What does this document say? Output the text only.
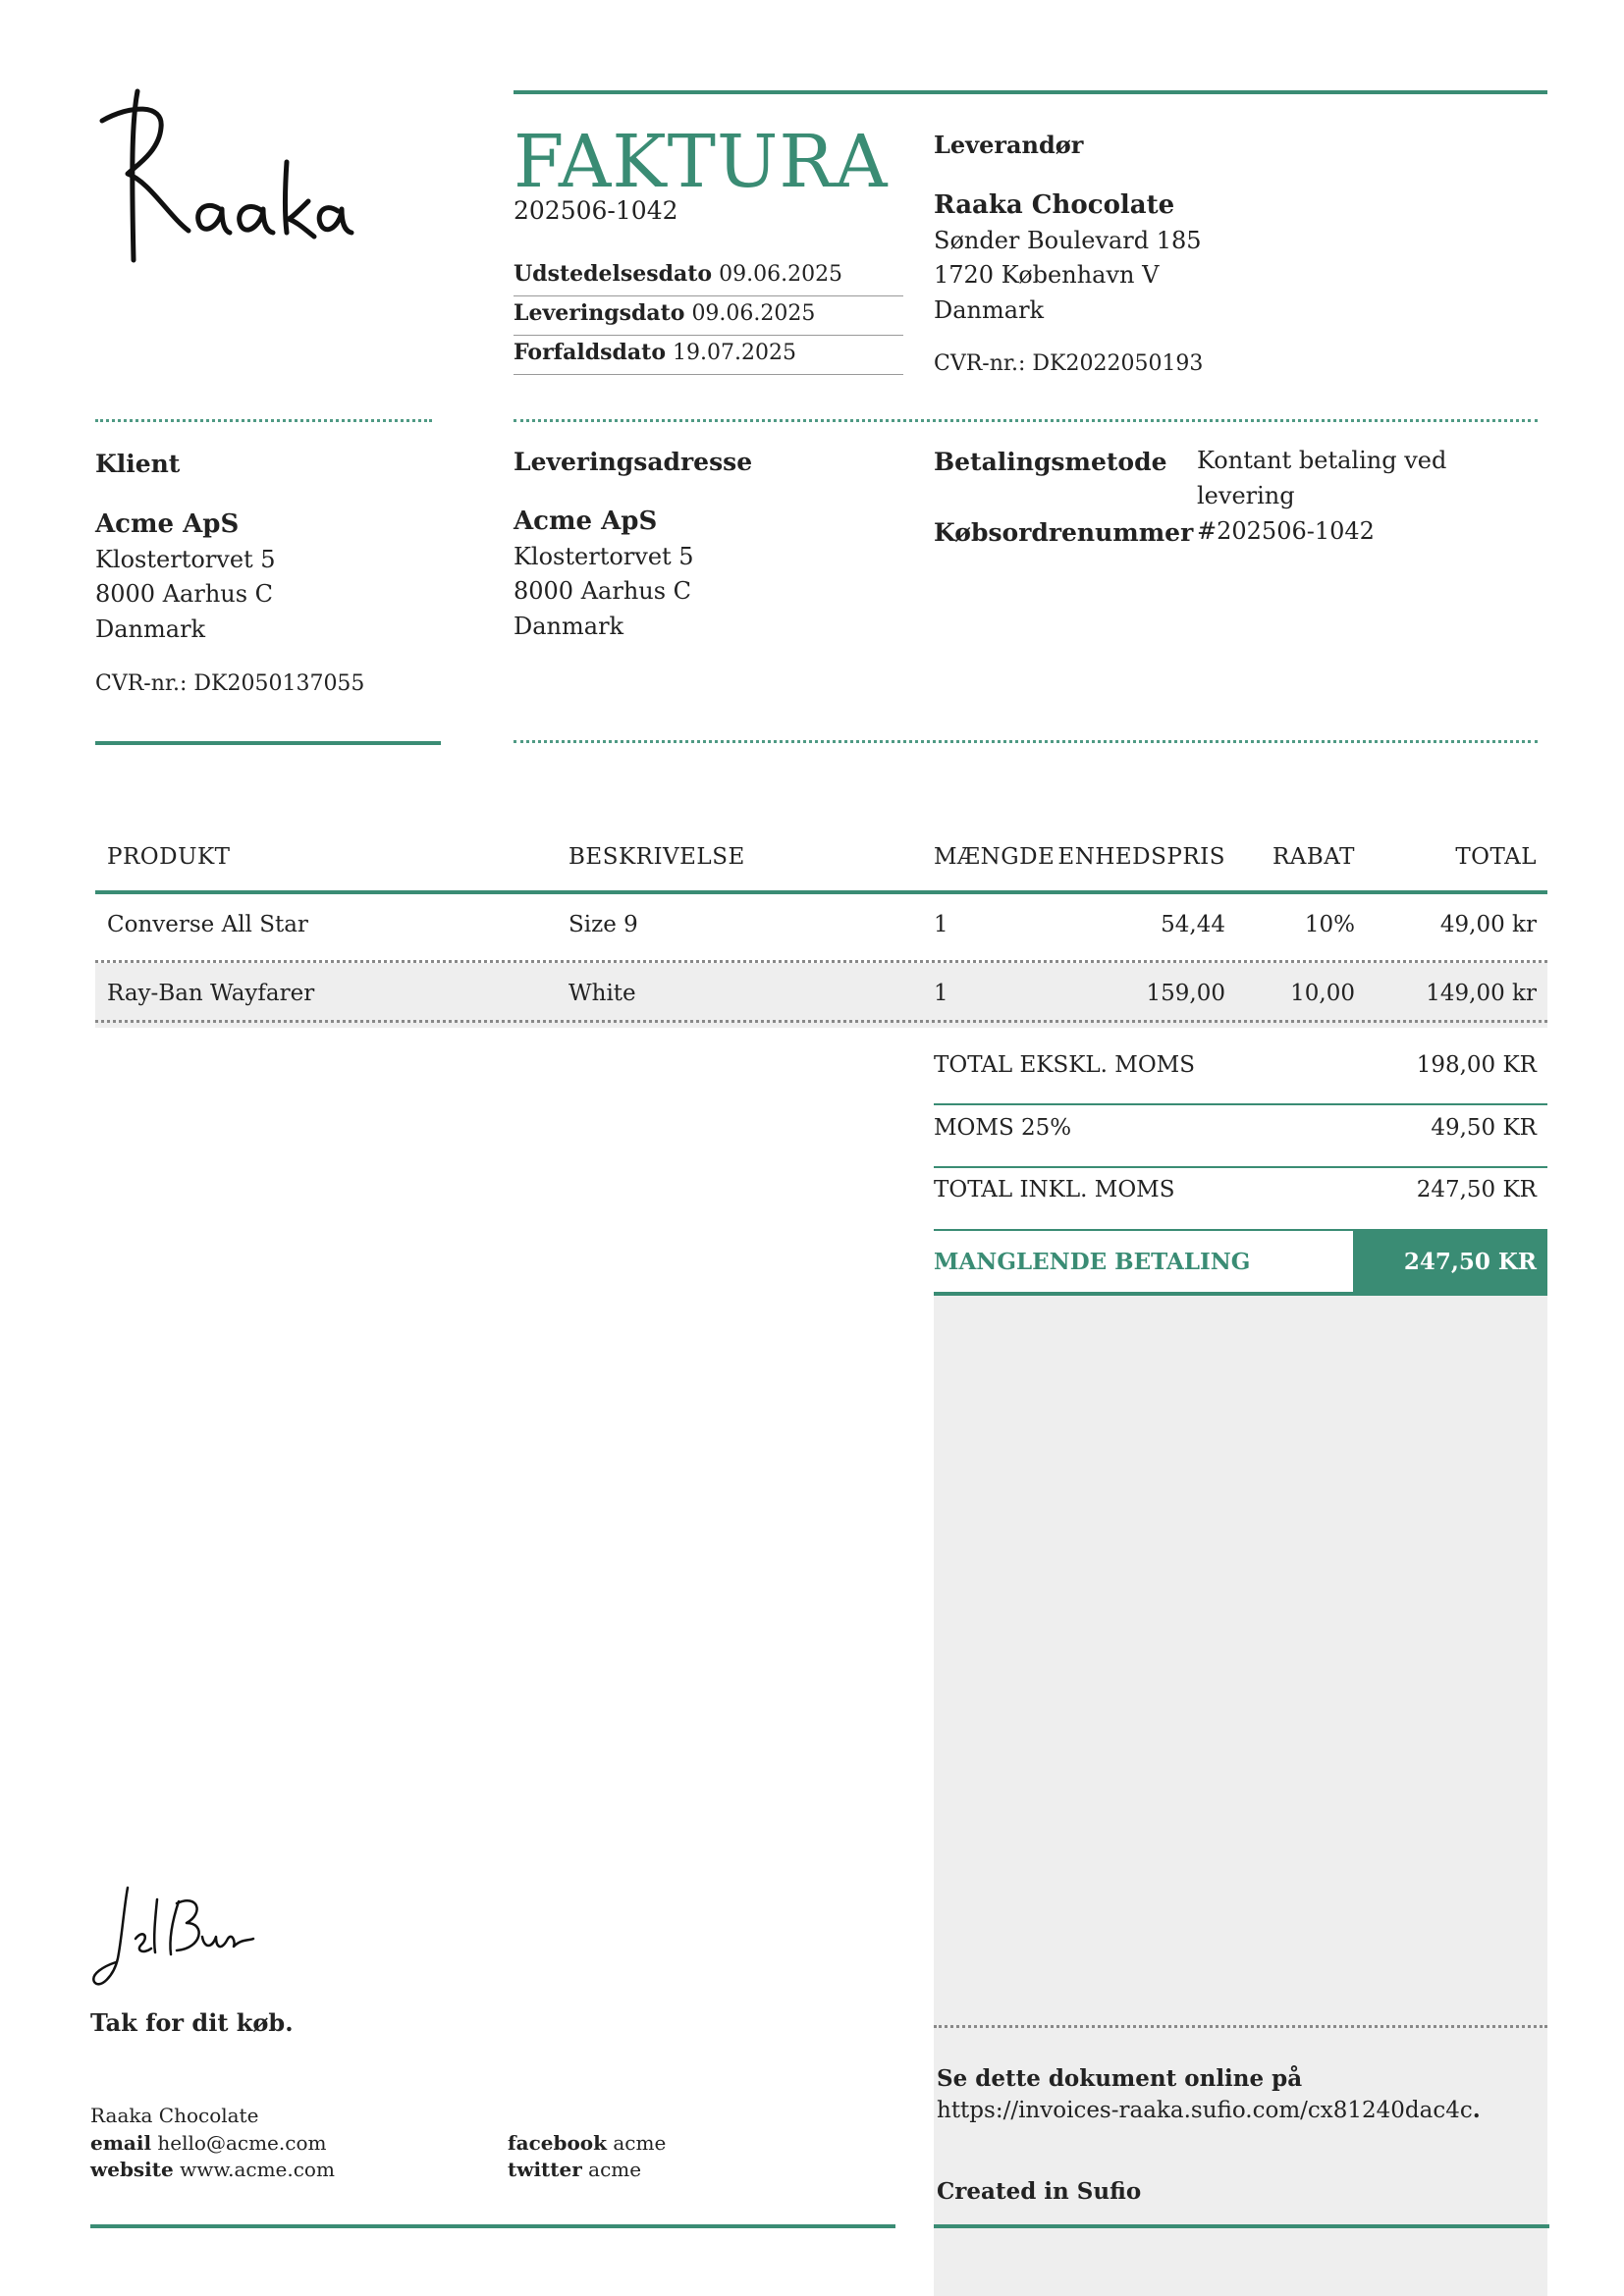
FAKTURA
202506-1042
Udstedelsesdato 09.06.2025
Leveringsdato 09.06.2025
Forfaldsdato 19.07.2025
Leverandør
Raaka Chocolate
Sønder Boulevard 185
1720 København V
Danmark
CVR-nr.: DK2022050193
Klient
Acme ApS
Klostertorvet 5
8000 Aarhus C
Danmark
CVR-nr.: DK2050137055
Leveringsadresse
Acme ApS
Klostertorvet 5
8000 Aarhus C
Danmark
Betalingsmetode Kontant betaling ved
levering
Købsordrenummer #202506-1042
PRODUKT	BESKRIVELSE	MÆNGDE ENHEDSPRIS	RABAT	TOTAL
Converse All Star	Size 9	1	54,44	10%	49,00 kr
Ray-Ban Wayfarer	White	1	159,00	10,00	149,00 kr
TOTAL EKSKL. MOMS	198,00 KR
MOMS 25%	49,50 KR
TOTAL INKL. MOMS	247,50 KR
MANGLENDE BETALING	247,50 KR
Se dette dokument online på
https://invoices-raaka.sufio.com/cx81240dac4c.
Created in Sufio
Tak for dit køb.
Raaka Chocolate
email hello@acme.com
website www.acme.com
facebook acme
twitter acme
